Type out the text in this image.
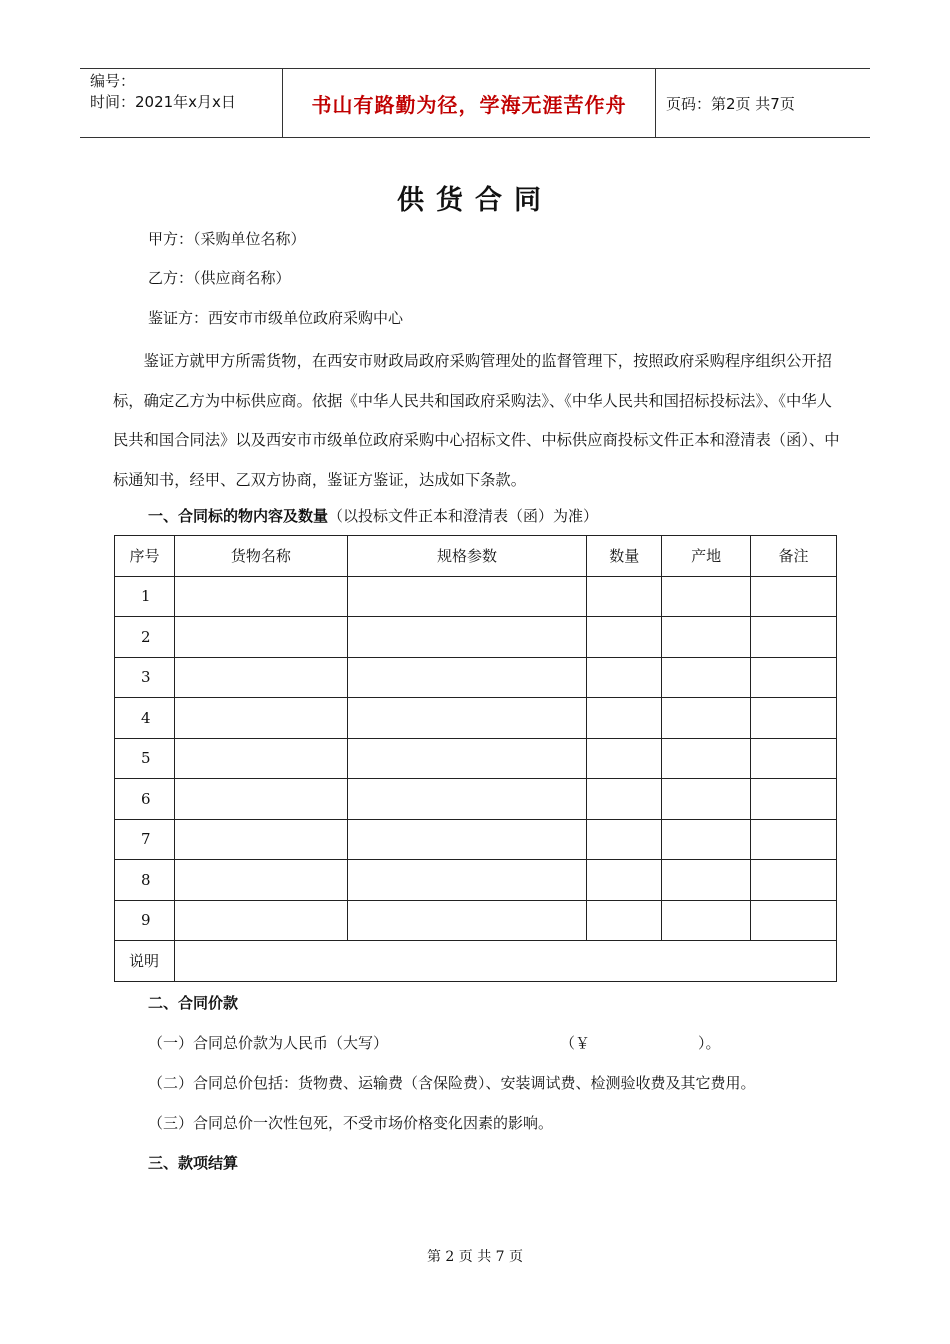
编号：
时间：2021年x月x日	书山有路勤为径，学海无涯苦作舟	页码：第2页 共7页
供货合同
甲方：（采购单位名称）
乙方：（供应商名称）
鉴证方：西安市市级单位政府采购中心
鉴证方就甲方所需货物，在西安市财政局政府采购管理处的监督管理下，按照政府采购程序组织公开招标，确定乙方为中标供应商。依据《中华人民共和国政府采购法》、《中华人民共和国招标投标法》、《中华人民共和国合同法》以及西安市市级单位政府采购中心招标文件、中标供应商投标文件正本和澄清表（函）、中标通知书，经甲、乙双方协商，鉴证方鉴证，达成如下条款。
一、合同标的物内容及数量（以投标文件正本和澄清表（函）为准）
序号	货物名称	规格参数	数量	产地	备注
1					
2					
3					
4					
5					
6					
7					
8					
9					
说明					
二、合同价款
（一）合同总价款为人民币（大写）	（￥	）。
（二）合同总价包括：货物费、运输费（含保险费）、安装调试费、检测验收费及其它费用。
（三）合同总价一次性包死，不受市场价格变化因素的影响。
三、款项结算
第 2 页 共 7 页
